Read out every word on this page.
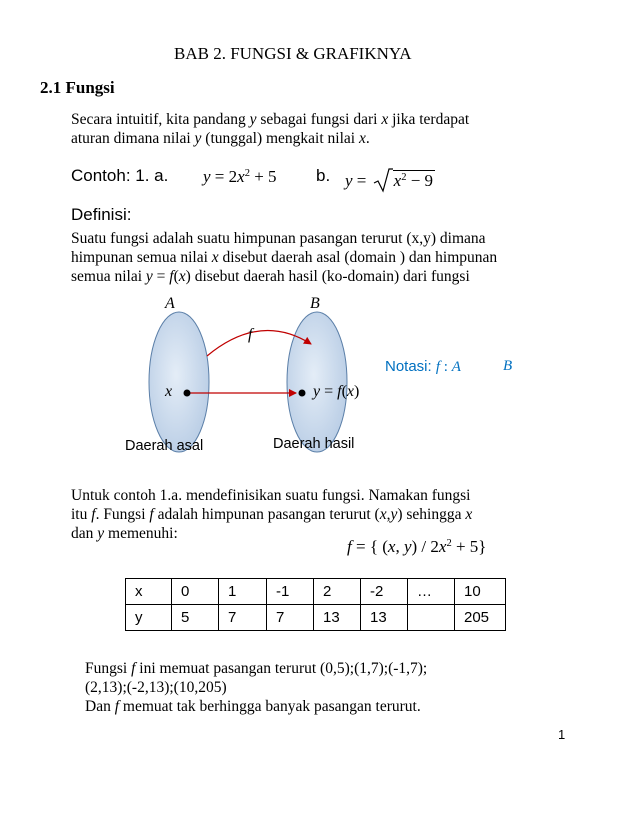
BAB 2. FUNGSI & GRAFIKNYA
2.1 Fungsi
Secara intuitif, kita pandang y sebagai fungsi dari x jika terdapat
aturan dimana nilai y (tunggal) mengkait nilai x.
Contoh: 1. a. $y = 2x^2 + 5$ b. $y = x^2 - 9$
Definisi:
Suatu fungsi adalah suatu himpunan pasangan terurut (x,y) dimana
himpunan semua nilai x disebut daerah asal (domain ) dan himpunan
semua nilai y = f(x) disebut daerah hasil (ko-domain) dari fungsi
A	B
f
x	y = f(x)
Daerah asal	Daerah hasil
Notasi: f : A	B
Untuk contoh 1.a. mendefinisikan suatu fungsi. Namakan fungsi
itu f. Fungsi f adalah himpunan pasangan terurut (x,y) sehingga x
dan y memenuhi:
f = { (x, $y) / 2x^2 + 5$}
x	0	1	-1	2	-2	…	10
y	5	7	7	13	13		205
Fungsi f ini memuat pasangan terurut (0,5);(1,7);(-1,7);
(2,13);(-2,13);(10,205)
Dan f memuat tak berhingga banyak pasangan terurut.
1
